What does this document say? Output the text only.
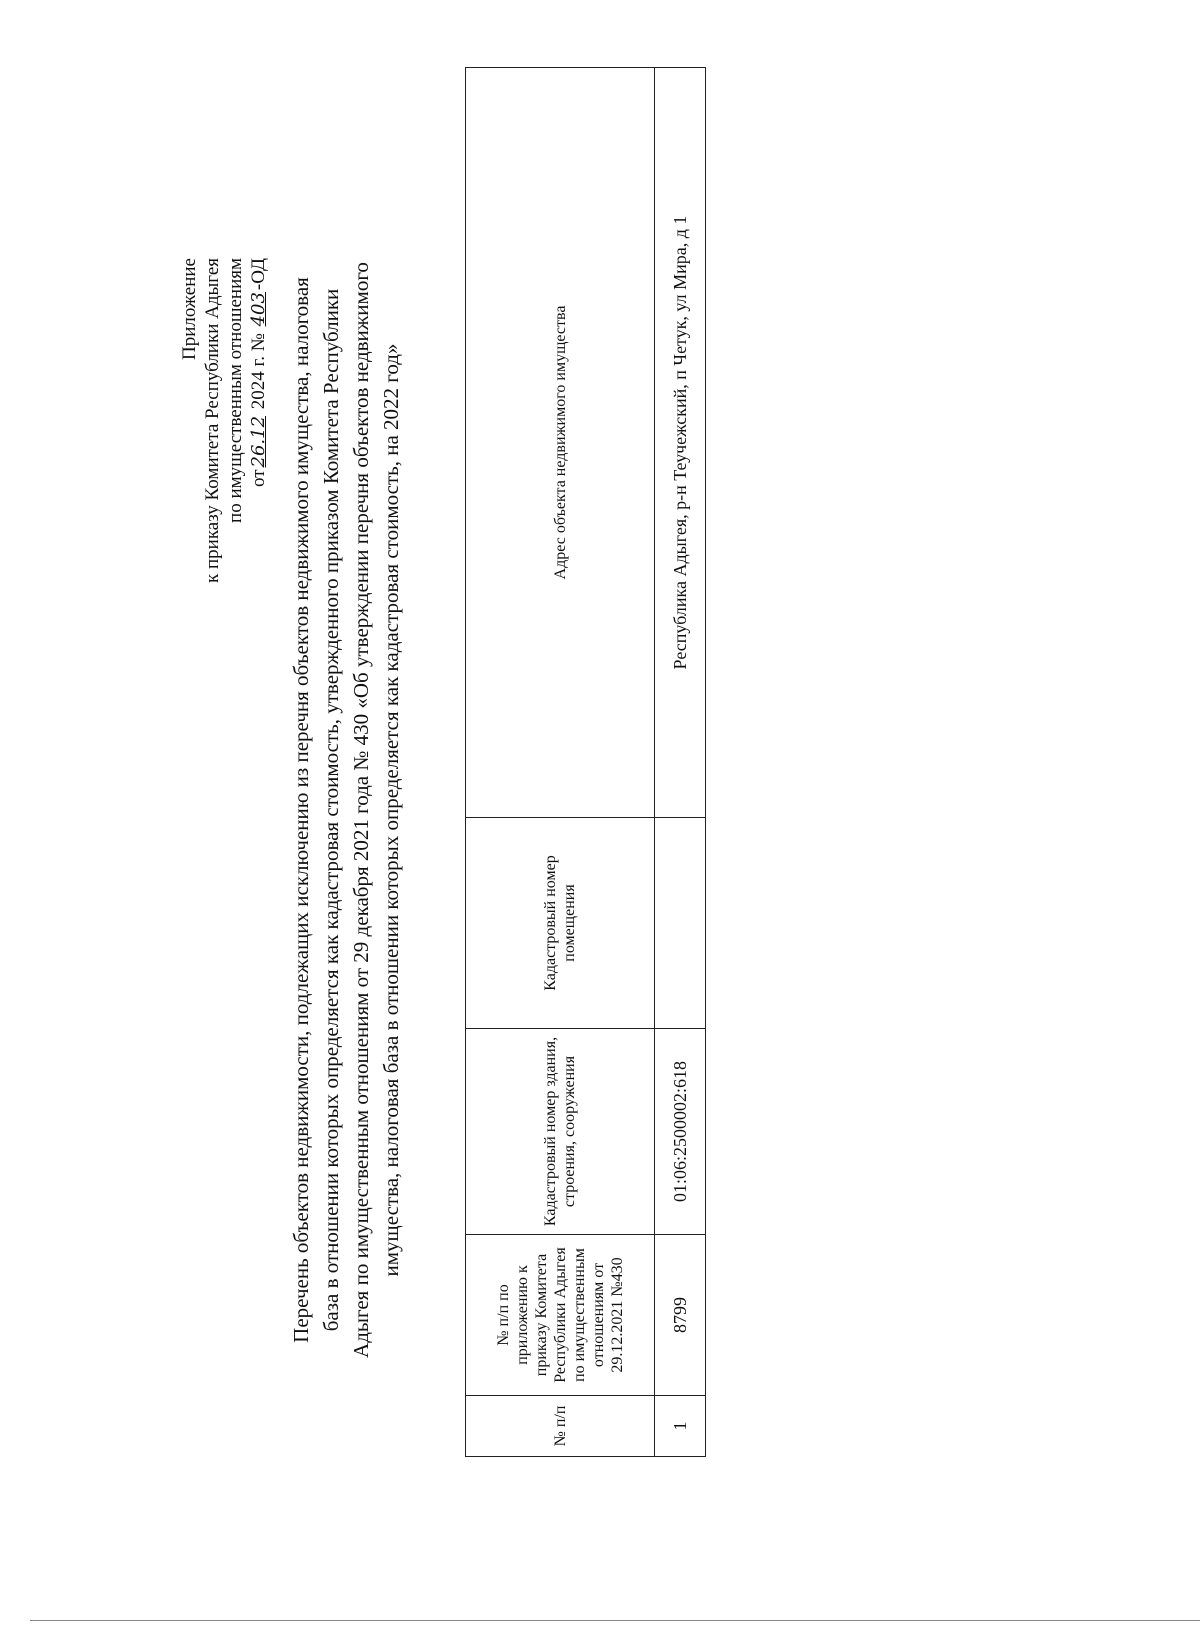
Приложение к приказу Комитета Республики Адыгея по имущественным отношениям от26.12 2024 г. № 403-ОД
Перечень объектов недвижимости, подлежащих исключению из перечня объектов недвижимого имущества, налоговая база в отношении которых определяется как кадастровая стоимость, утвержденного приказом Комитета Республики Адыгея по имущественным отношениям от 29 декабря 2021 года № 430 «Об утверждении перечня объектов недвижимого имущества, налоговая база в отношении которых определяется как кадастровая стоимость, на 2022 год»
№ п/п	№ п/п по приложению к приказу Комитета Республики Адыгея по имущественным отношениям от 29.12.2021 №430	Кадастровый номер здания, строения, сооружения	Кадастровый номер помещения	Адрес объекта недвижимого имущества
1	8799	01:06:2500002:618		Республика Адыгея, р-н Теучежский, п Четук, ул Мира, д 1
